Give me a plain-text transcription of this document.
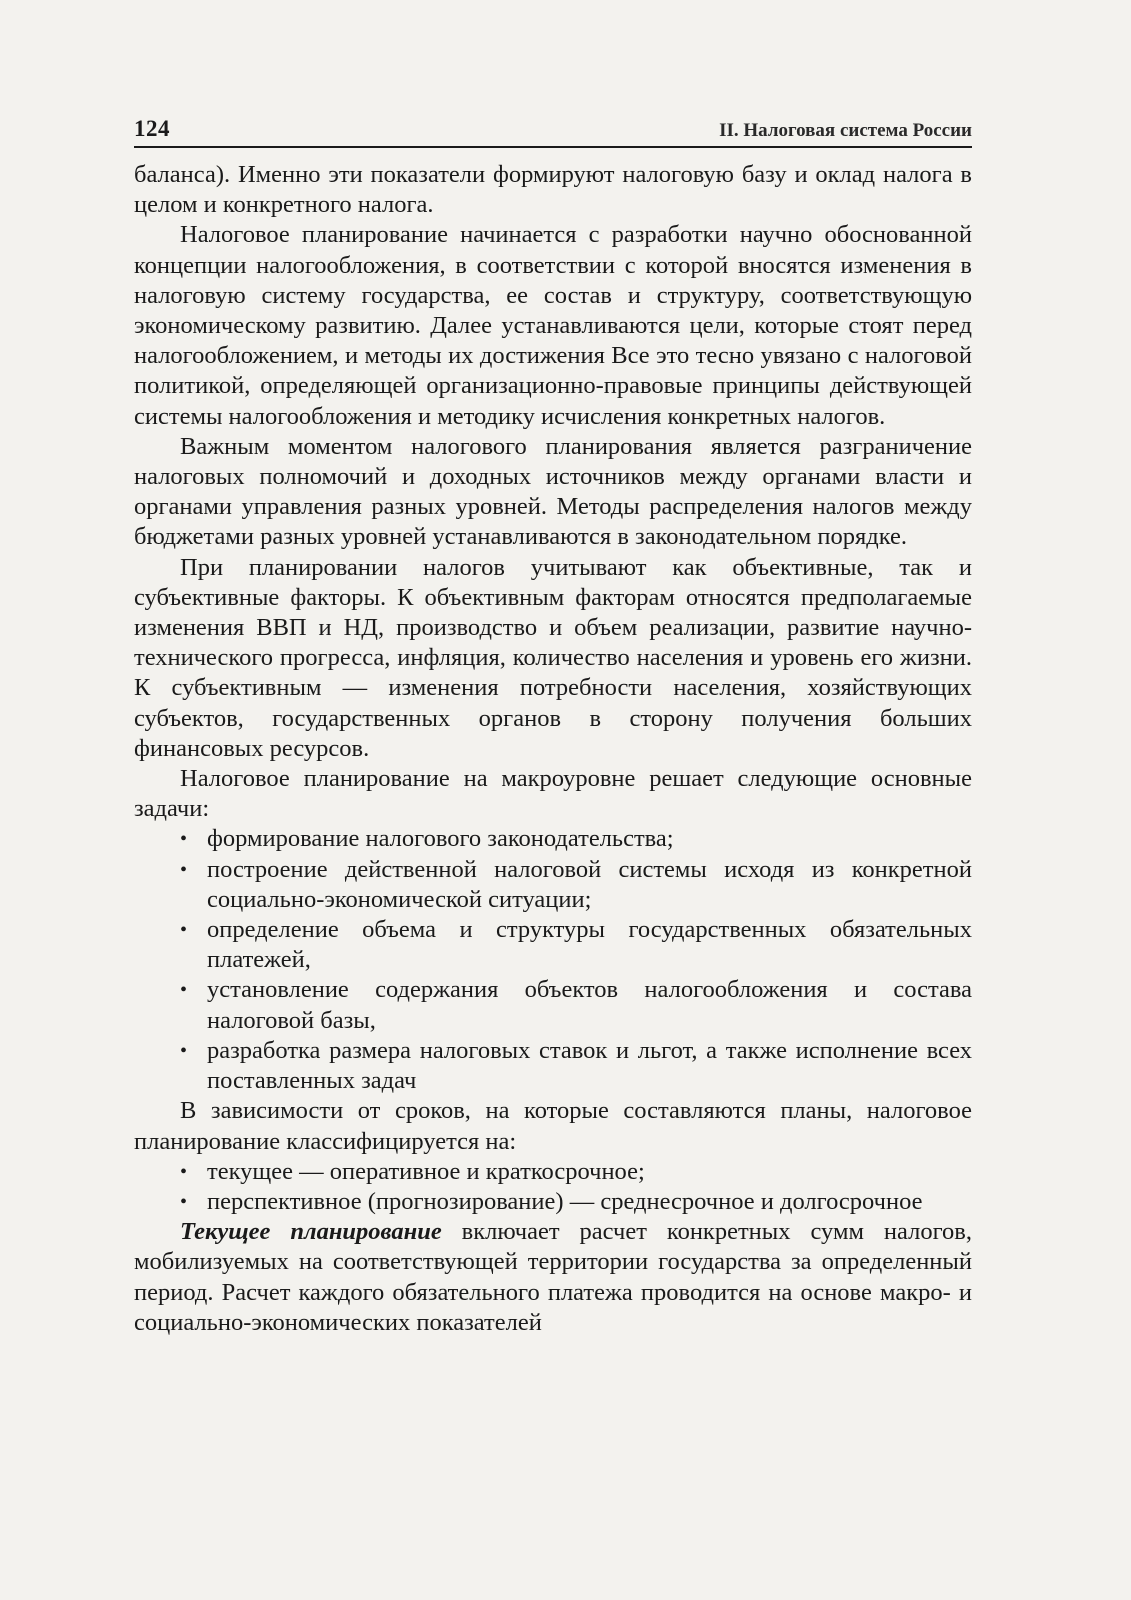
124	II. Налоговая система России

баланса). Именно эти показатели формируют налоговую базу и оклад налога в целом и конкретного налога.

Налоговое планирование начинается с разработки научно обоснованной концепции налогообложения, в соответствии с которой вносятся изменения в налоговую систему государства, ее состав и структуру, соответствующую экономическому развитию. Далее устанавливаются цели, которые стоят перед налогообложением, и методы их достижения Все это тесно увязано с налоговой политикой, определяющей организационно-правовые принципы действующей системы налогообложения и методику исчисления конкретных налогов.

Важным моментом налогового планирования является разграничение налоговых полномочий и доходных источников между органами власти и органами управления разных уровней. Методы распределения налогов между бюджетами разных уровней устанавливаются в законодательном порядке.

При планировании налогов учитывают как объективные, так и субъективные факторы. К объективным факторам относятся предполагаемые изменения ВВП и НД, производство и объем реализации, развитие научно-технического прогресса, инфляция, количество населения и уровень его жизни. К субъективным — изменения потребности населения, хозяйствующих субъектов, государственных органов в сторону получения больших финансовых ресурсов.

Налоговое планирование на макроуровне решает следующие основные задачи:

•
формирование налогового законодательства;
•
построение действенной налоговой системы исходя из конкретной социально-экономической ситуации;
•
определение объема и структуры государственных обязательных платежей,
•
установление содержания объектов налогообложения и состава налоговой базы,
•
разработка размера налоговых ставок и льгот, а также исполнение всех поставленных задач

В зависимости от сроков, на которые составляются планы, налоговое планирование классифицируется на:

•
текущее — оперативное и краткосрочное;
•
перспективное (прогнозирование) — среднесрочное и долгосрочное

Текущее планирование включает расчет конкретных сумм налогов, мобилизуемых на соответствующей территории государства за определенный период. Расчет каждого обязательного платежа проводится на основе макро- и социально-экономических показателей
